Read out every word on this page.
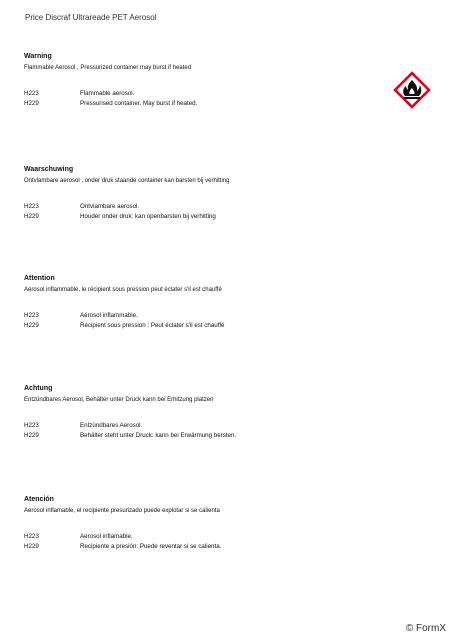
Price Discraf Ultrareade PET Aerosol
Warning
Flammable Aerosol , Pressurized container may burst if heated
H223	Flammable aerosol.
H229	Pressurised container. May burst if heated.
Waarschuwing
Ontvlambare aerosol , onder druk staande container kan barsten bij verhitting
H223	Ontvlambare aerosol.
H229	Houder onder druk: kan openbarsten bij verhitting
Attention
Aérosol inflammable, le récipient sous pression peut éclater s'il est chauffé
H223	Aérosol inflammable.
H229	Récipient sous pression : Peut éclater s'il est chauffé
Achtung
Entzündbares Aerosol, Behälter unter Druck kann bei Erhitzung platzen
H223	Entzündbares Aerosol.
H229	Behälter steht unter Druck: kann bei Erwärmung bersten.
Atención
Aerosol inflamable, el recipiente presurizado puede explotar si se calienta
H223	Aerosol inflamable.
H229	Recipiente a presión: Puede reventar si se calienta.
© FormX
